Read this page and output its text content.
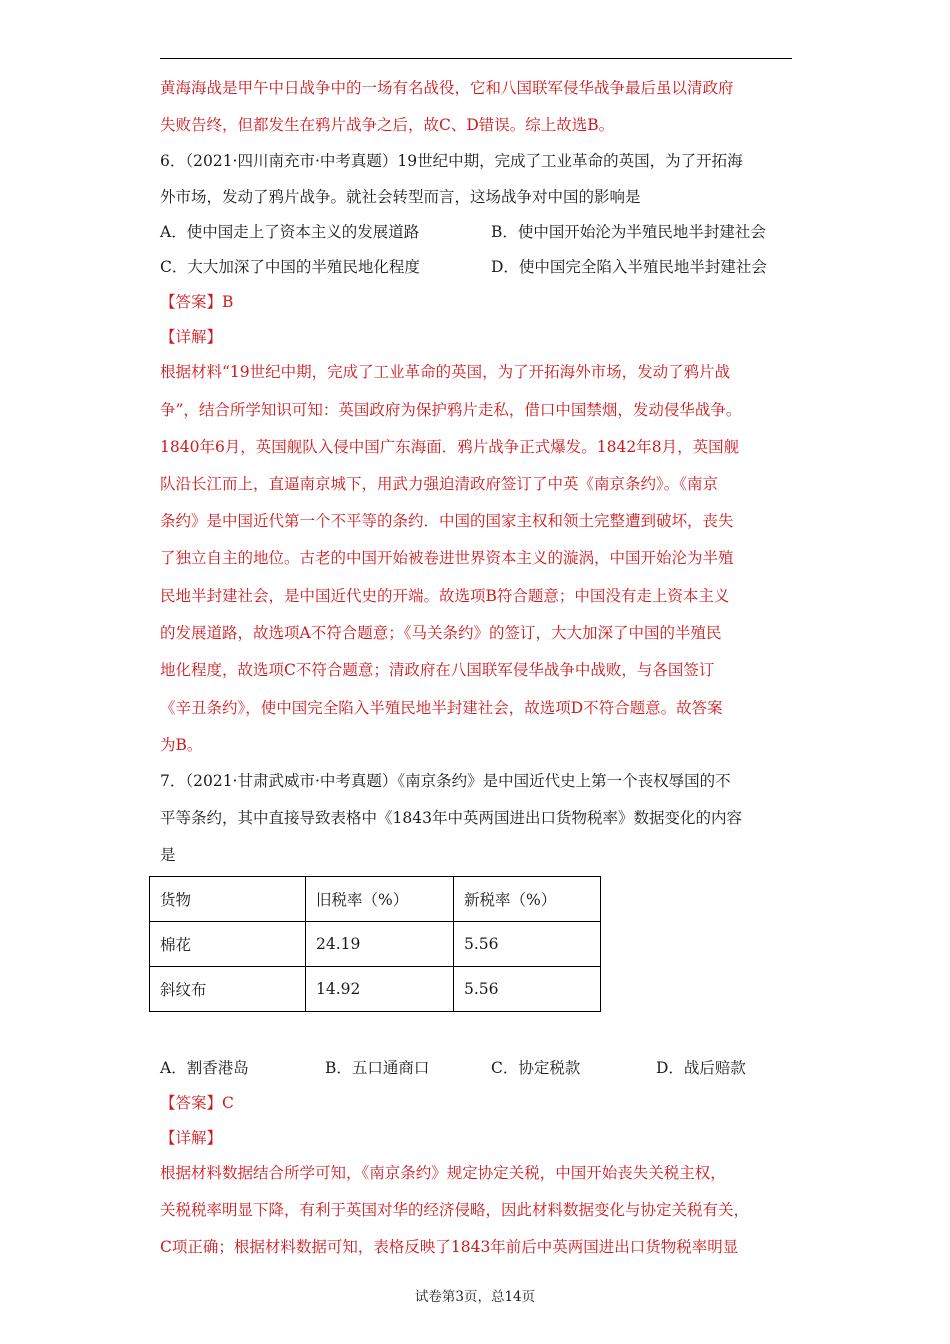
黄海海战是甲午中日战争中的一场有名战役，它和八国联军侵华战争最后虽以清政府
失败告终，但都发生在鸦片战争之后，故C、D错误。综上故选B。
6．（2021·四川南充市·中考真题）19世纪中期，完成了工业革命的英国，为了开拓海
外市场，发动了鸦片战争。就社会转型而言，这场战争对中国的影响是
A．使中国走上了资本主义的发展道路	B．使中国开始沦为半殖民地半封建社会
C．大大加深了中国的半殖民地化程度	D．使中国完全陷入半殖民地半封建社会
【答案】B
【详解】
根据材料“19世纪中期，完成了工业革命的英国，为了开拓海外市场，发动了鸦片战
争”，结合所学知识可知：英国政府为保护鸦片走私，借口中国禁烟，发动侵华战争。
1840年6月，英国舰队入侵中国广东海面．鸦片战争正式爆发。1842年8月，英国舰
队沿长江而上，直逼南京城下，用武力强迫清政府签订了中英《南京条约》。《南京
条约》是中国近代第一个不平等的条约．中国的国家主权和领土完整遭到破坏，丧失
了独立自主的地位。古老的中国开始被卷进世界资本主义的漩涡，中国开始沦为半殖
民地半封建社会，是中国近代史的开端。故选项B符合题意；中国没有走上资本主义
的发展道路，故选项A不符合题意；《马关条约》的签订，大大加深了中国的半殖民
地化程度，故选项C不符合题意；清政府在八国联军侵华战争中战败，与各国签订
《辛丑条约》，使中国完全陷入半殖民地半封建社会，故选项D不符合题意。故答案
为B。
7．（2021·甘肃武威市·中考真题）《南京条约》是中国近代史上第一个丧权辱国的不
平等条约，其中直接导致表格中《1843年中英两国进出口货物税率》数据变化的内容
是
货物	旧税率（%）	新税率（%）
棉花	24.19	5.56
斜纹布	14.92	5.56
A．割香港岛	B．五口通商口	C．协定税款	D．战后赔款
【答案】C
【详解】
根据材料数据结合所学可知，《南京条约》规定协定关税，中国开始丧失关税主权，
关税税率明显下降，有利于英国对华的经济侵略，因此材料数据变化与协定关税有关，
C项正确；根据材料数据可知，表格反映了1843年前后中英两国进出口货物税率明显
试卷第3页，总14页
